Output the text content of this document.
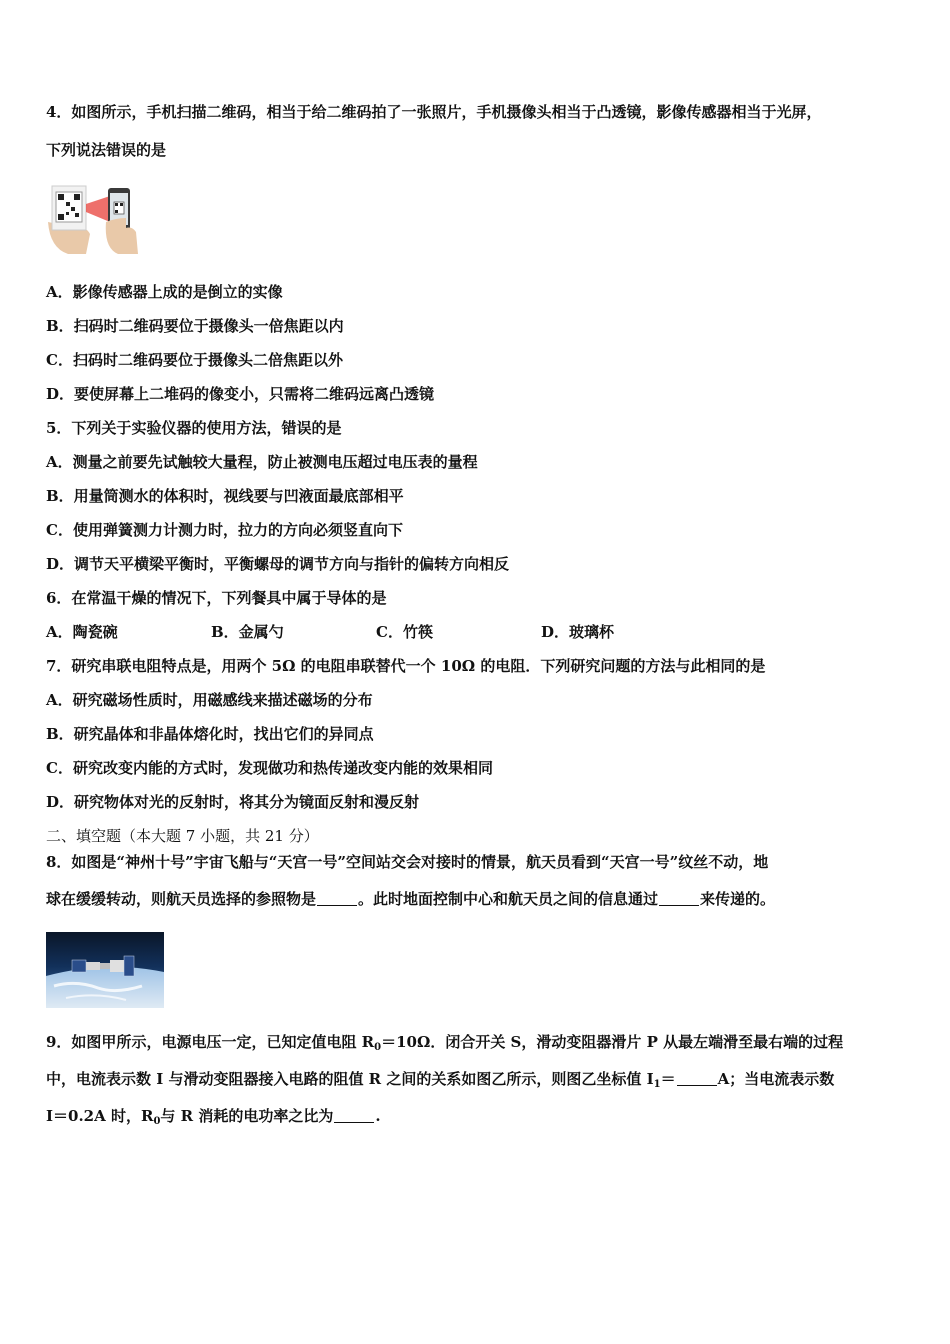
4．如图所示，手机扫描二维码，相当于给二维码拍了一张照片，手机摄像头相当于凸透镜，影像传感器相当于光屏，
下列说法错误的是
A．影像传感器上成的是倒立的实像
B．扫码时二维码要位于摄像头一倍焦距以内
C．扫码时二维码要位于摄像头二倍焦距以外
D．要使屏幕上二堆码的像变小，只需将二维码远离凸透镜
5．下列关于实验仪器的使用方法，错误的是
A．测量之前要先试触较大量程，防止被测电压超过电压表的量程
B．用量筒测水的体积时，视线要与凹液面最底部相平
C．使用弹簧测力计测力时，拉力的方向必须竖直向下
D．调节天平横梁平衡时，平衡螺母的调节方向与指针的偏转方向相反
6．在常温干燥的情况下，下列餐具中属于导体的是
A．陶瓷碗	B．金属勺	C．竹筷	D．玻璃杯
7．研究串联电阻特点是，用两个 5Ω 的电阻串联替代一个 10Ω 的电阻．下列研究问题的方法与此相同的是
A．研究磁场性质时，用磁感线来描述磁场的分布
B．研究晶体和非晶体熔化时，找出它们的异同点
C．研究改变内能的方式时，发现做功和热传递改变内能的效果相同
D．研究物体对光的反射时，将其分为镜面反射和漫反射
二、填空题（本大题 7 小题，共 21 分）
8．如图是“神州十号”宇宙飞船与“天宫一号”空间站交会对接时的情景，航天员看到“天宫一号”纹丝不动，地
球在缓缓转动，则航天员选择的参照物是	。此时地面控制中心和航天员之间的信息通过	来传递的。
9．如图甲所示，电源电压一定，已知定值电阻 $R_0=10\Omega$．闭合开关 S，滑动变阻器滑片 P 从最左端滑至最右端的过程
中，电流表示数 I 与滑动变阻器接入电路的阻值 R 之间的关系如图乙所示，则图乙坐标值 $I_1=$	A；当电流表示数
I＝0.2A 时，$R_0$与 R 消耗的电功率之比为	.
